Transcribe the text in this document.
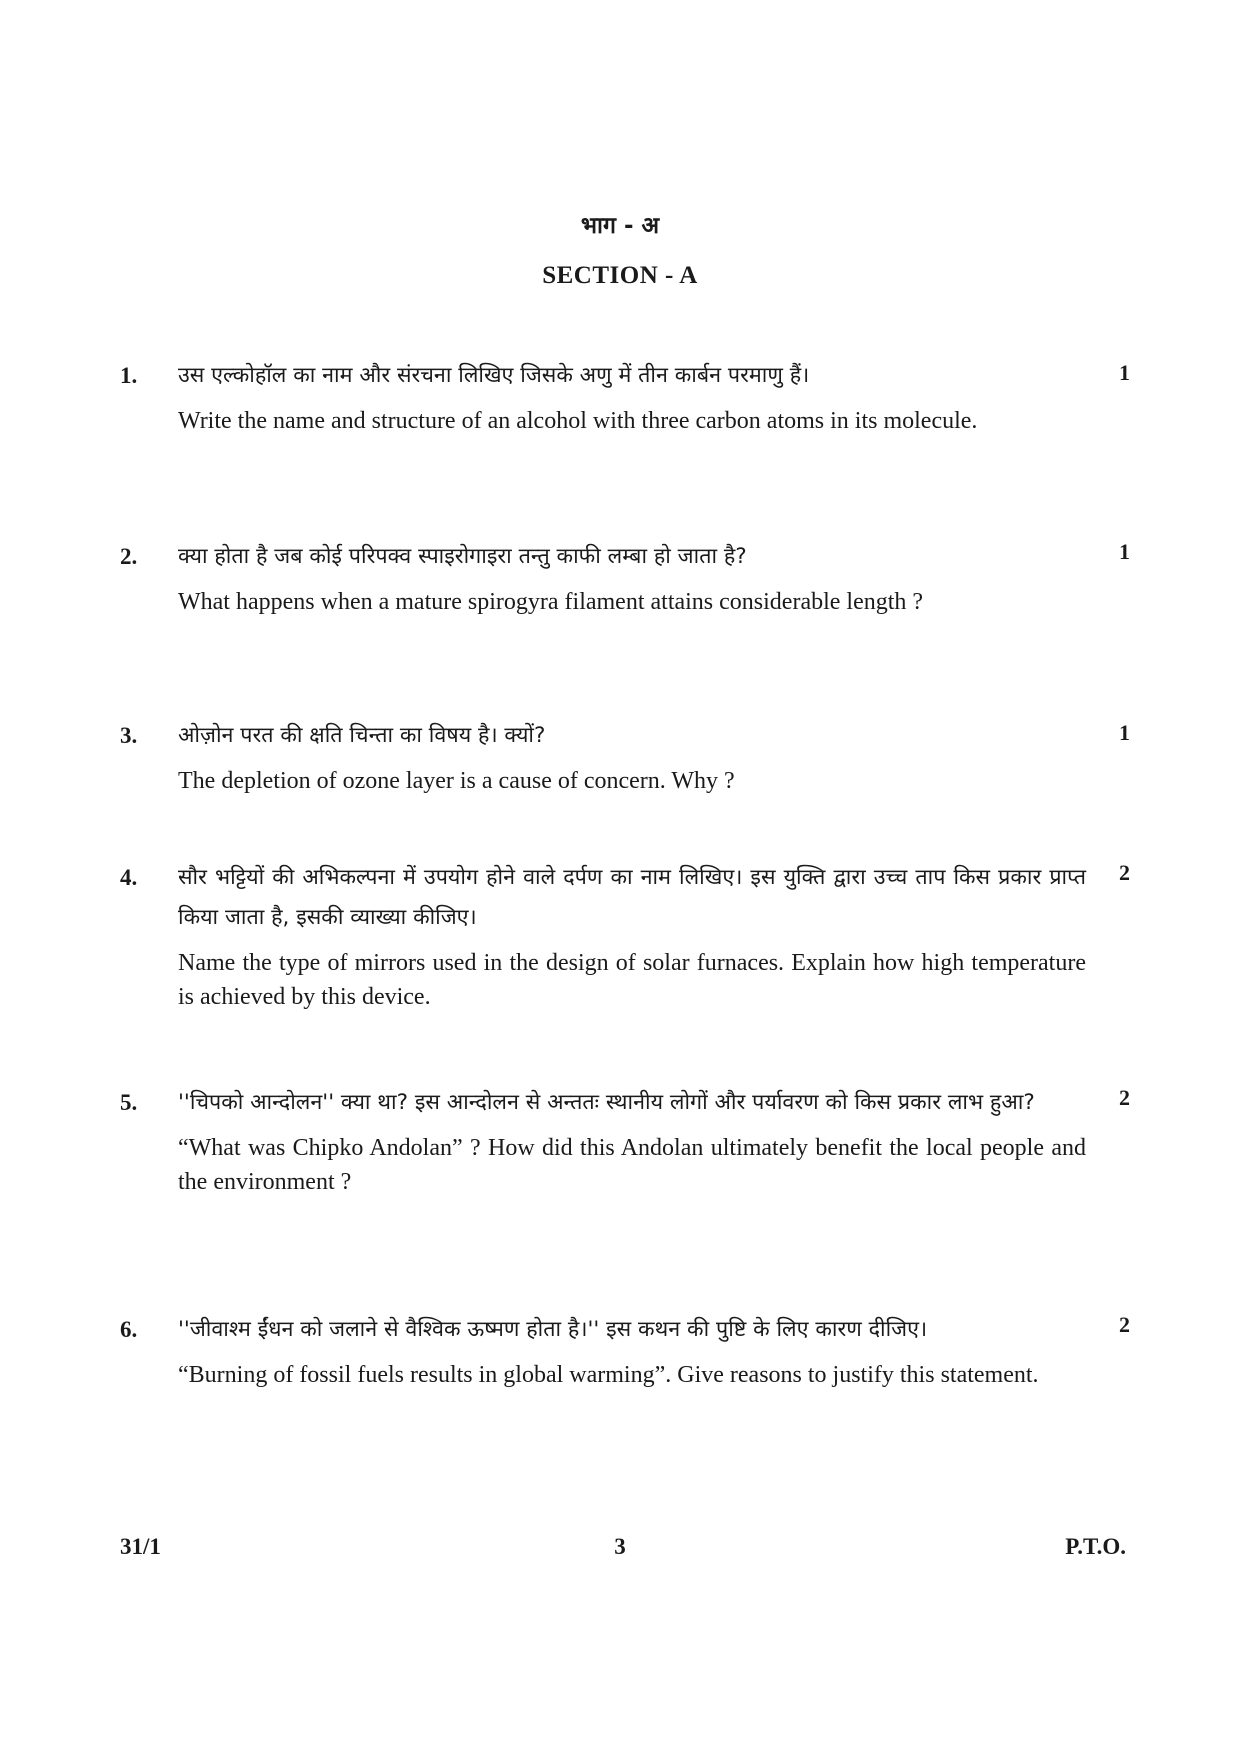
भाग - अ
SECTION - A
1.	1

उस एल्कोहॉल का नाम और संरचना लिखिए जिसके अणु में तीन कार्बन परमाणु हैं।

Write the name and structure of an alcohol with three carbon atoms in its molecule.

2.	1

क्या होता है जब कोई परिपक्व स्पाइरोगाइरा तन्तु काफी लम्बा हो जाता है?

What happens when a mature spirogyra filament attains considerable length ?

3.	1

ओज़ोन परत की क्षति चिन्ता का विषय है। क्यों?

The depletion of ozone layer is a cause of concern. Why ?

4.	2

सौर भट्टियों की अभिकल्पना में उपयोग होने वाले दर्पण का नाम लिखिए। इस युक्ति द्वारा उच्च ताप किस प्रकार प्राप्त किया जाता है, इसकी व्याख्या कीजिए।

Name the type of mirrors used in the design of solar furnaces. Explain how high temperature is achieved by this device.

5.	2

''चिपको आन्दोलन'' क्या था? इस आन्दोलन से अन्ततः स्थानीय लोगों और पर्यावरण को किस प्रकार लाभ हुआ?

“What was Chipko Andolan” ? How did this Andolan ultimately benefit the local people and the environment ?

6.	2

''जीवाश्म ईंधन को जलाने से वैश्विक ऊष्मण होता है।'' इस कथन की पुष्टि के लिए कारण दीजिए।

“Burning of fossil fuels results in global warming”. Give reasons to justify this statement.

31/1	3	P.T.O.
